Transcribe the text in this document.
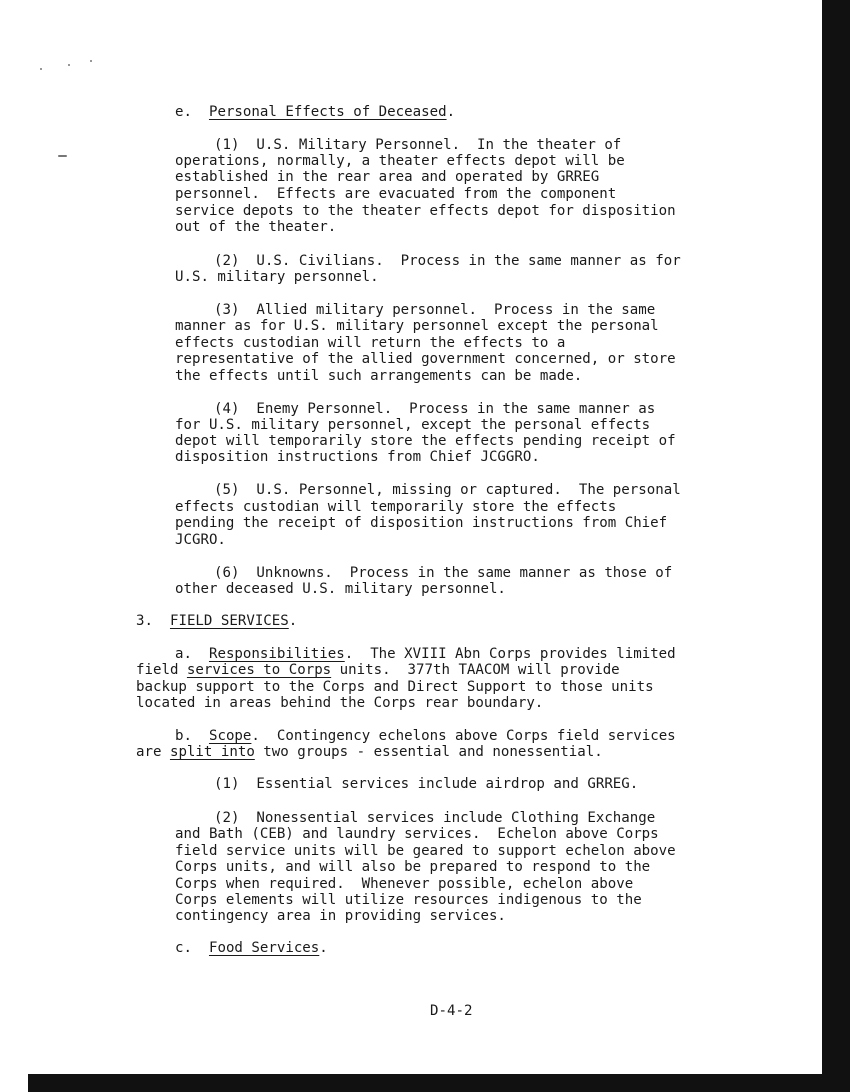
e. Personal Effects of Deceased.
(1)  U.S. Military Personnel.  In the theater of
operations, normally, a theater effects depot will be
established in the rear area and operated by GRREG
personnel.  Effects are evacuated from the component
service depots to the theater effects depot for disposition
out of the theater.
(2)  U.S. Civilians.  Process in the same manner as for
U.S. military personnel.
(3)  Allied military personnel.  Process in the same
manner as for U.S. military personnel except the personal
effects custodian will return the effects to a
representative of the allied government concerned, or store
the effects until such arrangements can be made.
(4)  Enemy Personnel.  Process in the same manner as
for U.S. military personnel, except the personal effects
depot will temporarily store the effects pending receipt of
disposition instructions from Chief JCGGRO.
(5)  U.S. Personnel, missing or captured.  The personal
effects custodian will temporarily store the effects
pending the receipt of disposition instructions from Chief
JCGRO.
(6)  Unknowns.  Process in the same manner as those of
other deceased U.S. military personnel.
3. FIELD SERVICES.
a. Responsibilities.  The XVIII Abn Corps provides limited
field services to Corps units.  377th TAACOM will provide
backup support to the Corps and Direct Support to those units
located in areas behind the Corps rear boundary.
b. Scope.  Contingency echelons above Corps field services
are split into two groups - essential and nonessential.
(1)  Essential services include airdrop and GRREG.
(2)  Nonessential services include Clothing Exchange
and Bath (CEB) and laundry services.  Echelon above Corps
field service units will be geared to support echelon above
Corps units, and will also be prepared to respond to the
Corps when required.  Whenever possible, echelon above
Corps elements will utilize resources indigenous to the
contingency area in providing services.
c. Food Services.
D-4-2
